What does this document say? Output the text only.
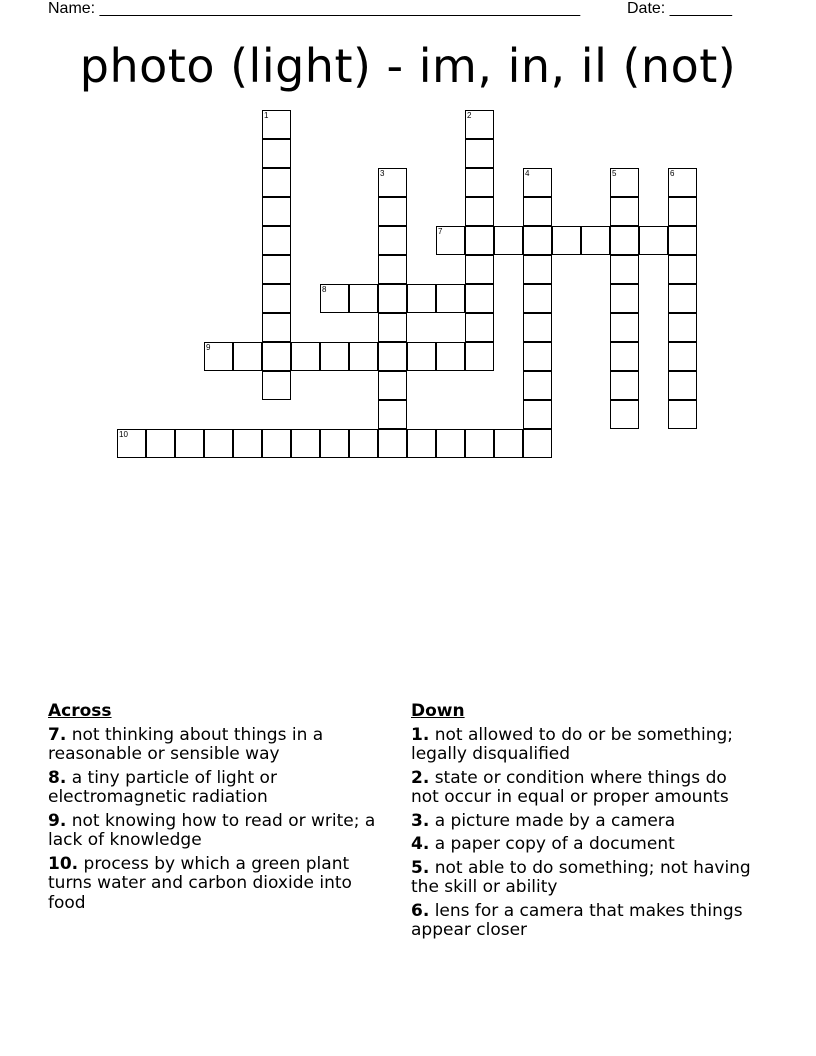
Name: ______________________________________________________	Date: _______
photo (light) - im, in, il (not)
1	2
3	4	5	6
7
8
9
10
Across
7. not thinking about things in a reasonable or sensible way
8. a tiny particle of light or electromagnetic radiation
9. not knowing how to read or write; a lack of knowledge
10. process by which a green plant turns water and carbon dioxide into food
Down
1. not allowed to do or be something; legally disqualified
2. state or condition where things do not occur in equal or proper amounts
3. a picture made by a camera
4. a paper copy of a document
5. not able to do something; not having the skill or ability
6. lens for a camera that makes things appear closer
